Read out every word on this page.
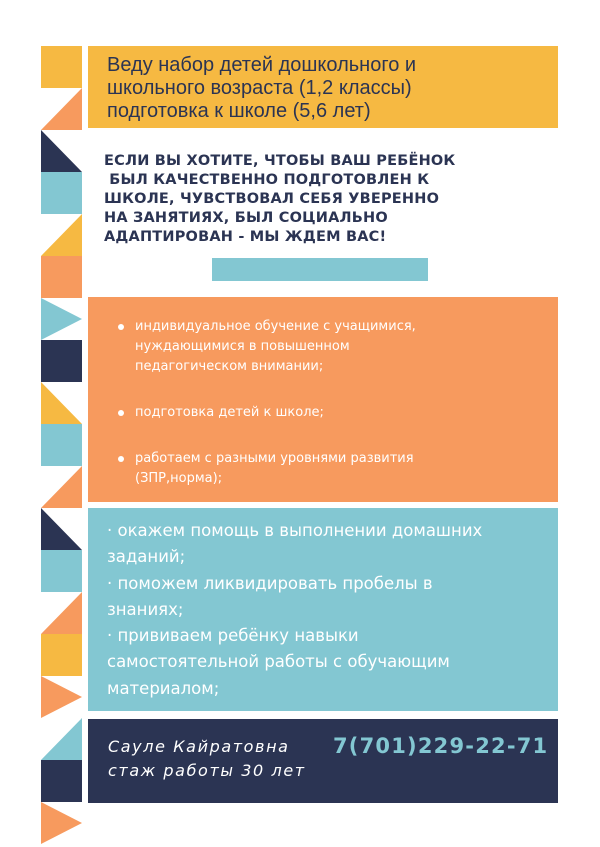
Веду набор детей дошкольного и
школьного возраста (1,2 классы)
подготовка к школе (5,6 лет)
ЕСЛИ ВЫ ХОТИТЕ, ЧТОБЫ ВАШ РЕБЁНОК
БЫЛ КАЧЕСТВЕННО ПОДГОТОВЛЕН К
ШКОЛЕ, ЧУВСТВОВАЛ СЕБЯ УВЕРЕННО
НА ЗАНЯТИЯХ, БЫЛ СОЦИАЛЬНО
АДАПТИРОВАН - МЫ ЖДЕМ ВАС!
индивидуальное обучение с учащимися,
нуждающимися в повышенном
педагогическом внимании;
подготовка детей к школе;
работаем с разными уровнями развития
(ЗПР,норма);
· окажем помощь в выполнении домашних
заданий;
· поможем ликвидировать пробелы в
знаниях;
· прививаем ребёнку навыки
самостоятельной работы с обучающим
материалом;
Сауле Кайратовна 7(701)229-22-71
стаж работы 30 лет
